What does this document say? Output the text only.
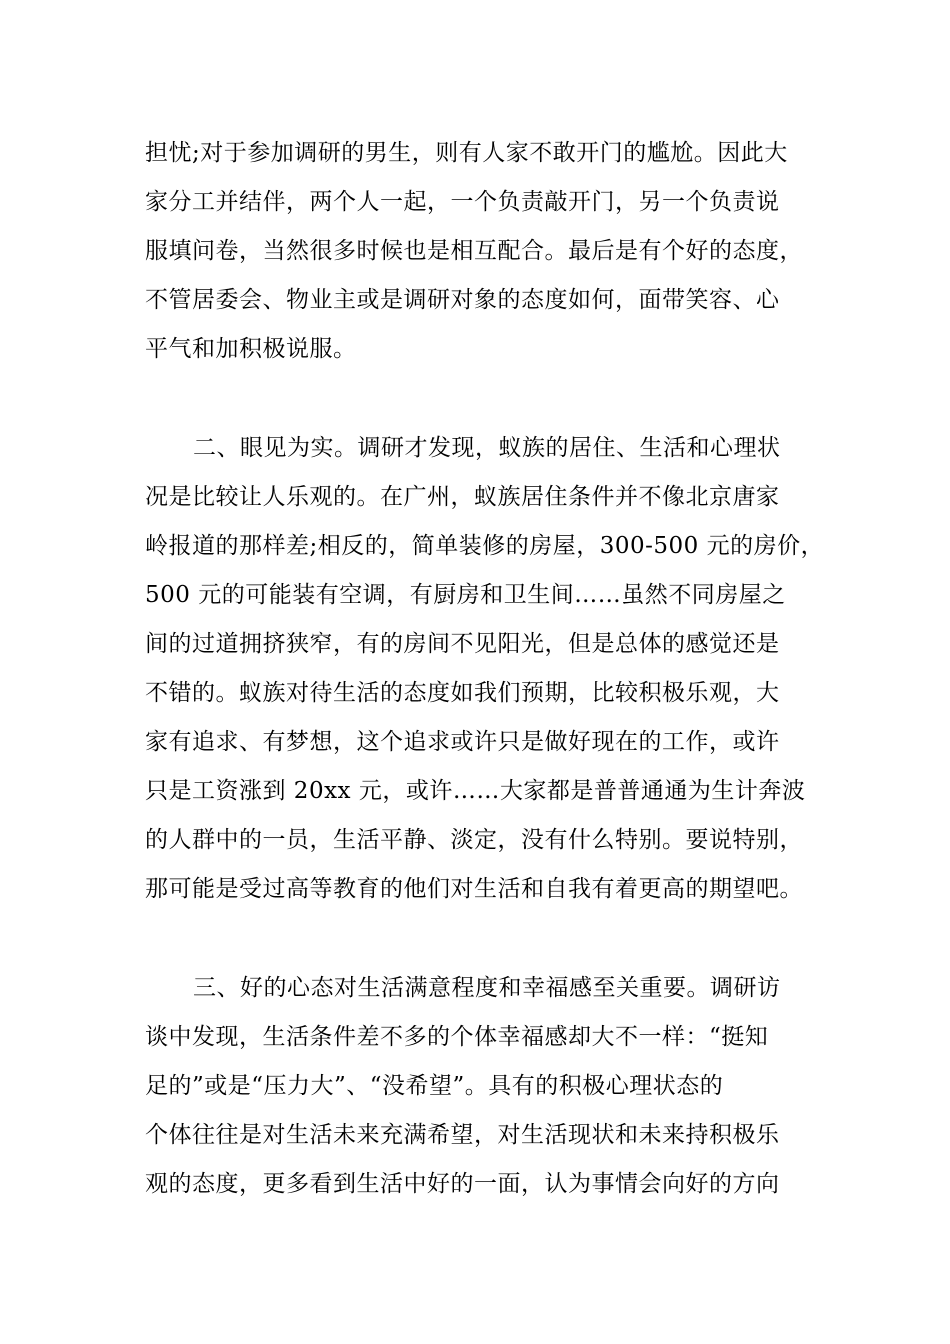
担忧;对于参加调研的男生，则有人家不敢开门的尴尬。因此大
家分工并结伴，两个人一起，一个负责敲开门，另一个负责说
服填问卷，当然很多时候也是相互配合。最后是有个好的态度，
不管居委会、物业主或是调研对象的态度如何，面带笑容、心
平气和加积极说服。
二、眼见为实。调研才发现，蚁族的居住、生活和心理状
况是比较让人乐观的。在广州，蚁族居住条件并不像北京唐家
岭报道的那样差;相反的，简单装修的房屋，300-500 元的房价，
500 元的可能装有空调，有厨房和卫生间……虽然不同房屋之
间的过道拥挤狭窄，有的房间不见阳光，但是总体的感觉还是
不错的。蚁族对待生活的态度如我们预期，比较积极乐观，大
家有追求、有梦想，这个追求或许只是做好现在的工作，或许
只是工资涨到 20xx 元，或许……大家都是普普通通为生计奔波
的人群中的一员，生活平静、淡定，没有什么特别。要说特别，
那可能是受过高等教育的他们对生活和自我有着更高的期望吧。
三、好的心态对生活满意程度和幸福感至关重要。调研访
谈中发现，生活条件差不多的个体幸福感却大不一样：“挺知
足的”或是“压力大”、“没希望”。具有的积极心理状态的
个体往往是对生活未来充满希望，对生活现状和未来持积极乐
观的态度，更多看到生活中好的一面，认为事情会向好的方向
